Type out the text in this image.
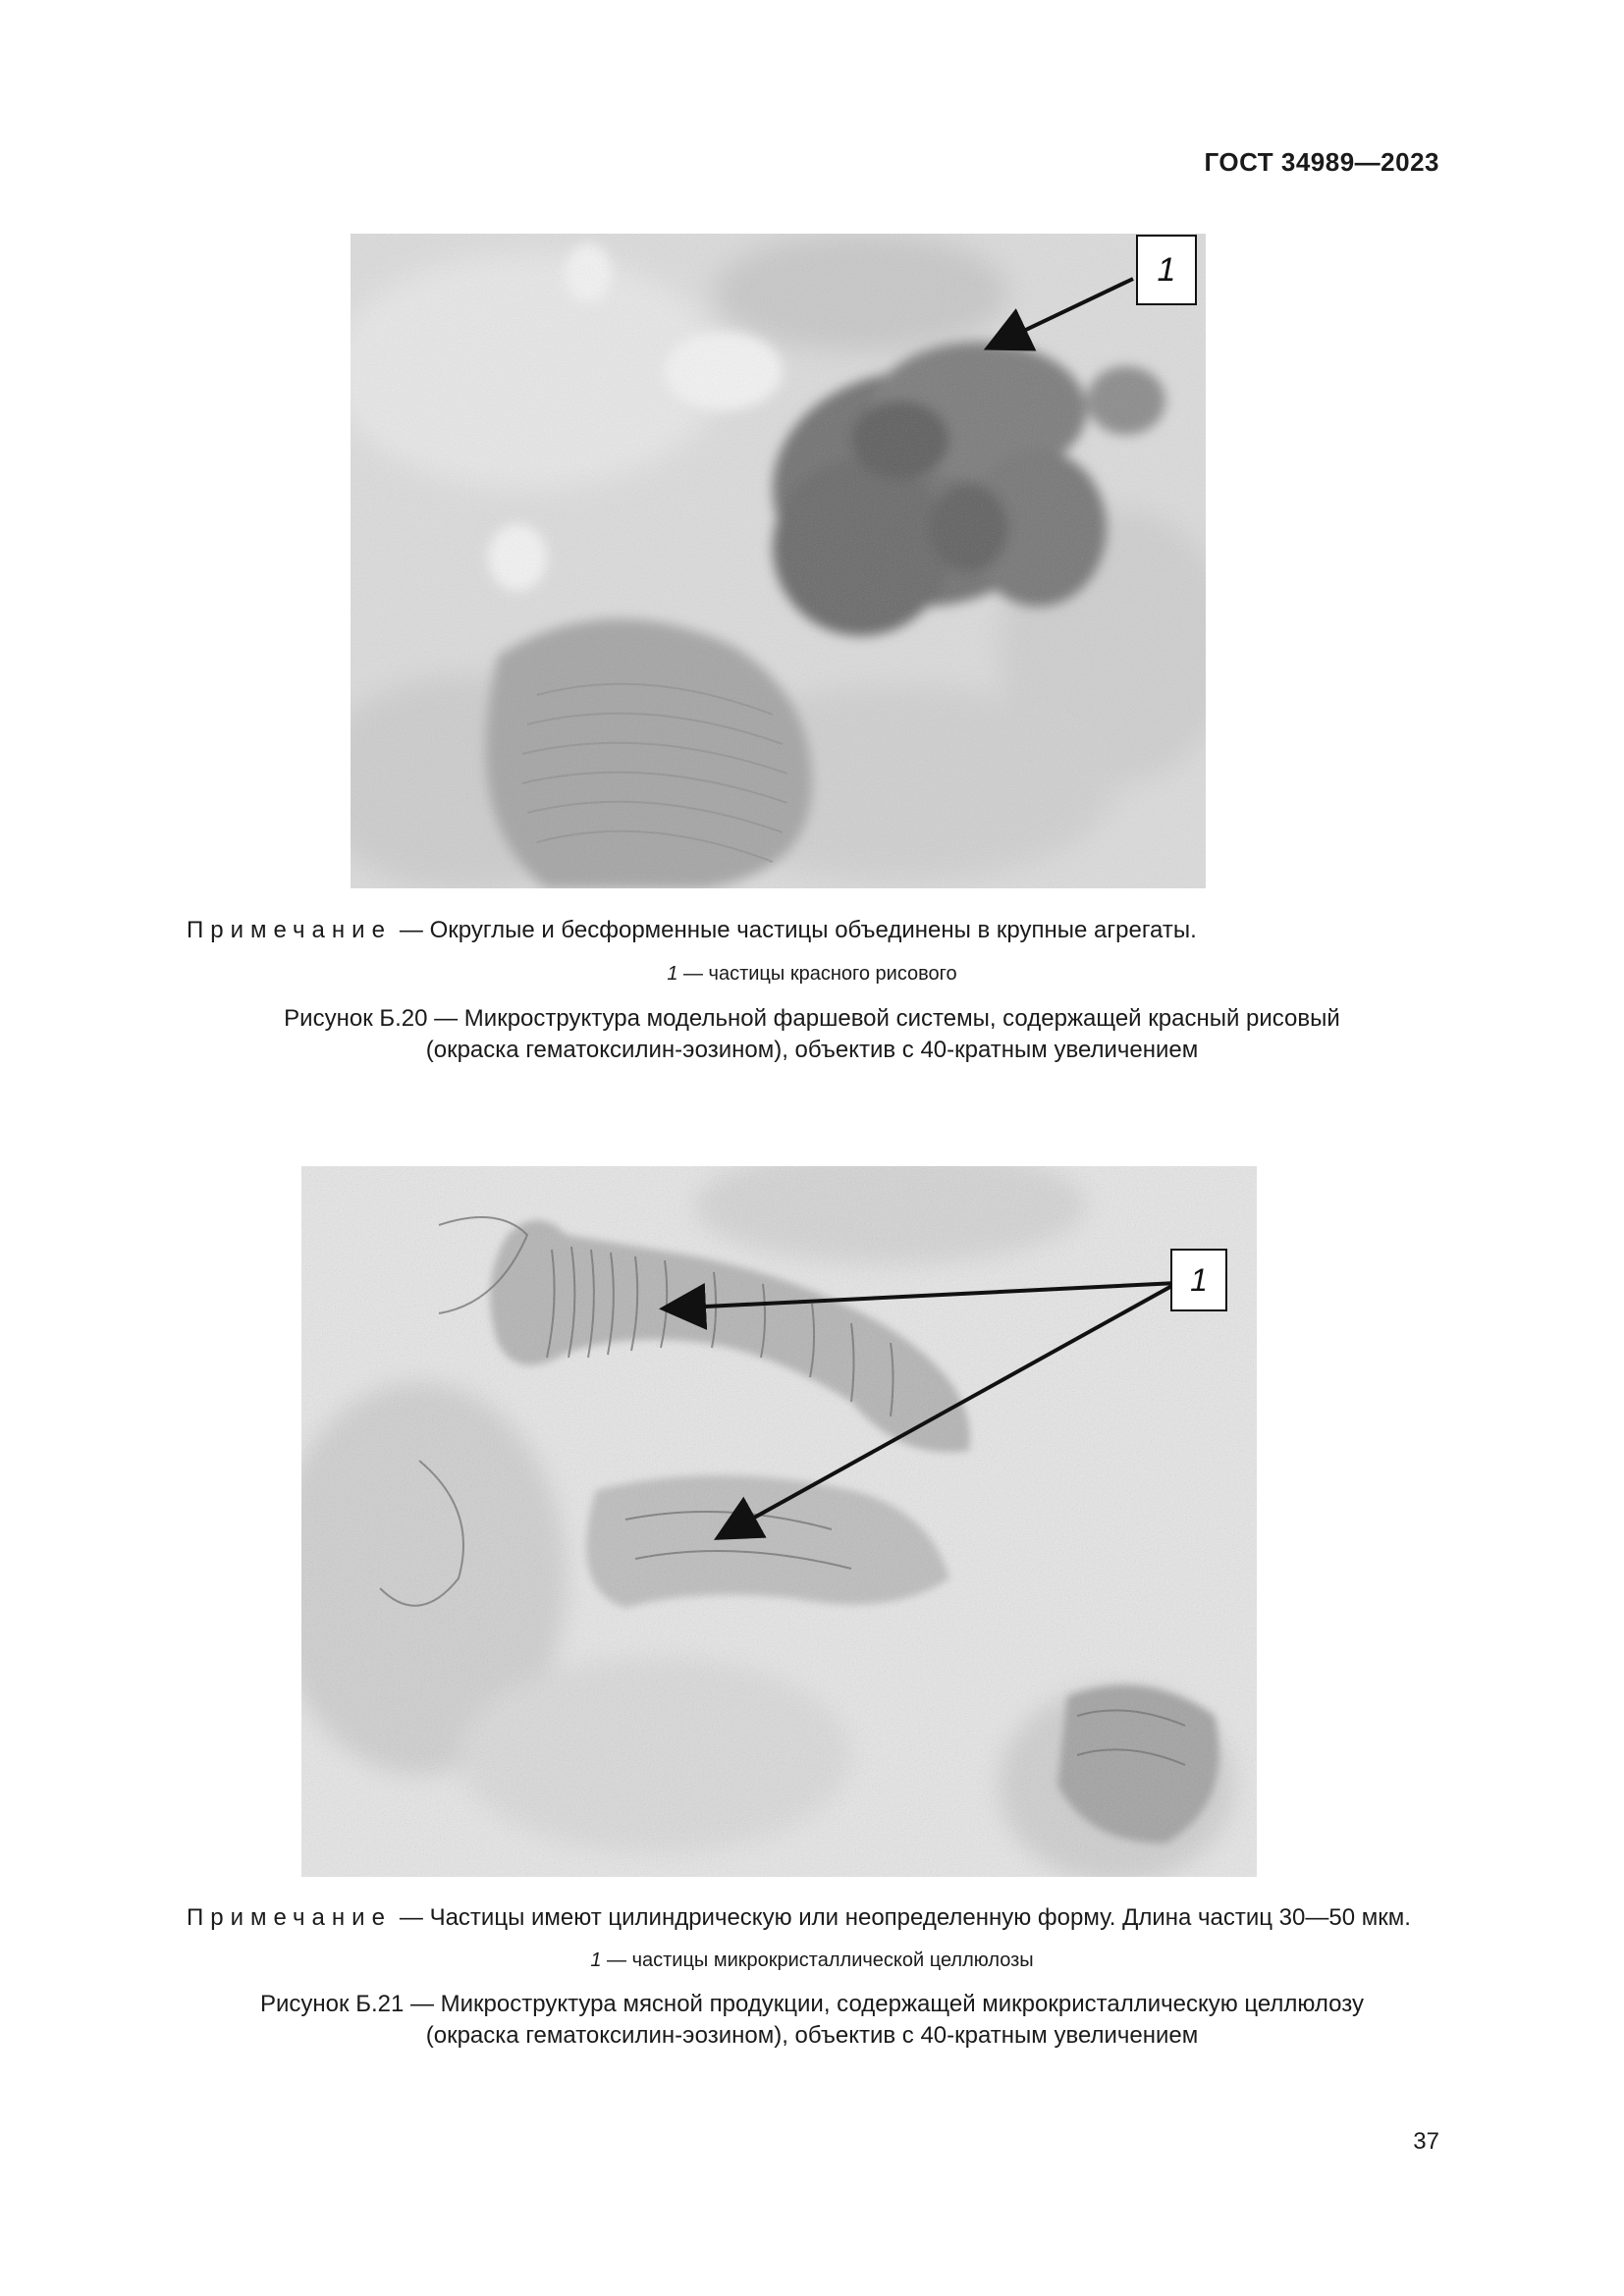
ГОСТ 34989—2023
1
Примечание — Округлые и бесформенные частицы объединены в крупные агрегаты.
1 — частицы красного рисового
Рисунок Б.20 — Микроструктура модельной фаршевой системы, содержащей красный рисовый
(окраска гематоксилин-эозином), объектив с 40-кратным увеличением
1
Примечание — Частицы имеют цилиндрическую или неопределенную форму. Длина частиц 30—50 мкм.
1 — частицы микрокристаллической целлюлозы
Рисунок Б.21 — Микроструктура мясной продукции, содержащей микрокристаллическую целлюлозу
(окраска гематоксилин-эозином), объектив с 40-кратным увеличением
37
